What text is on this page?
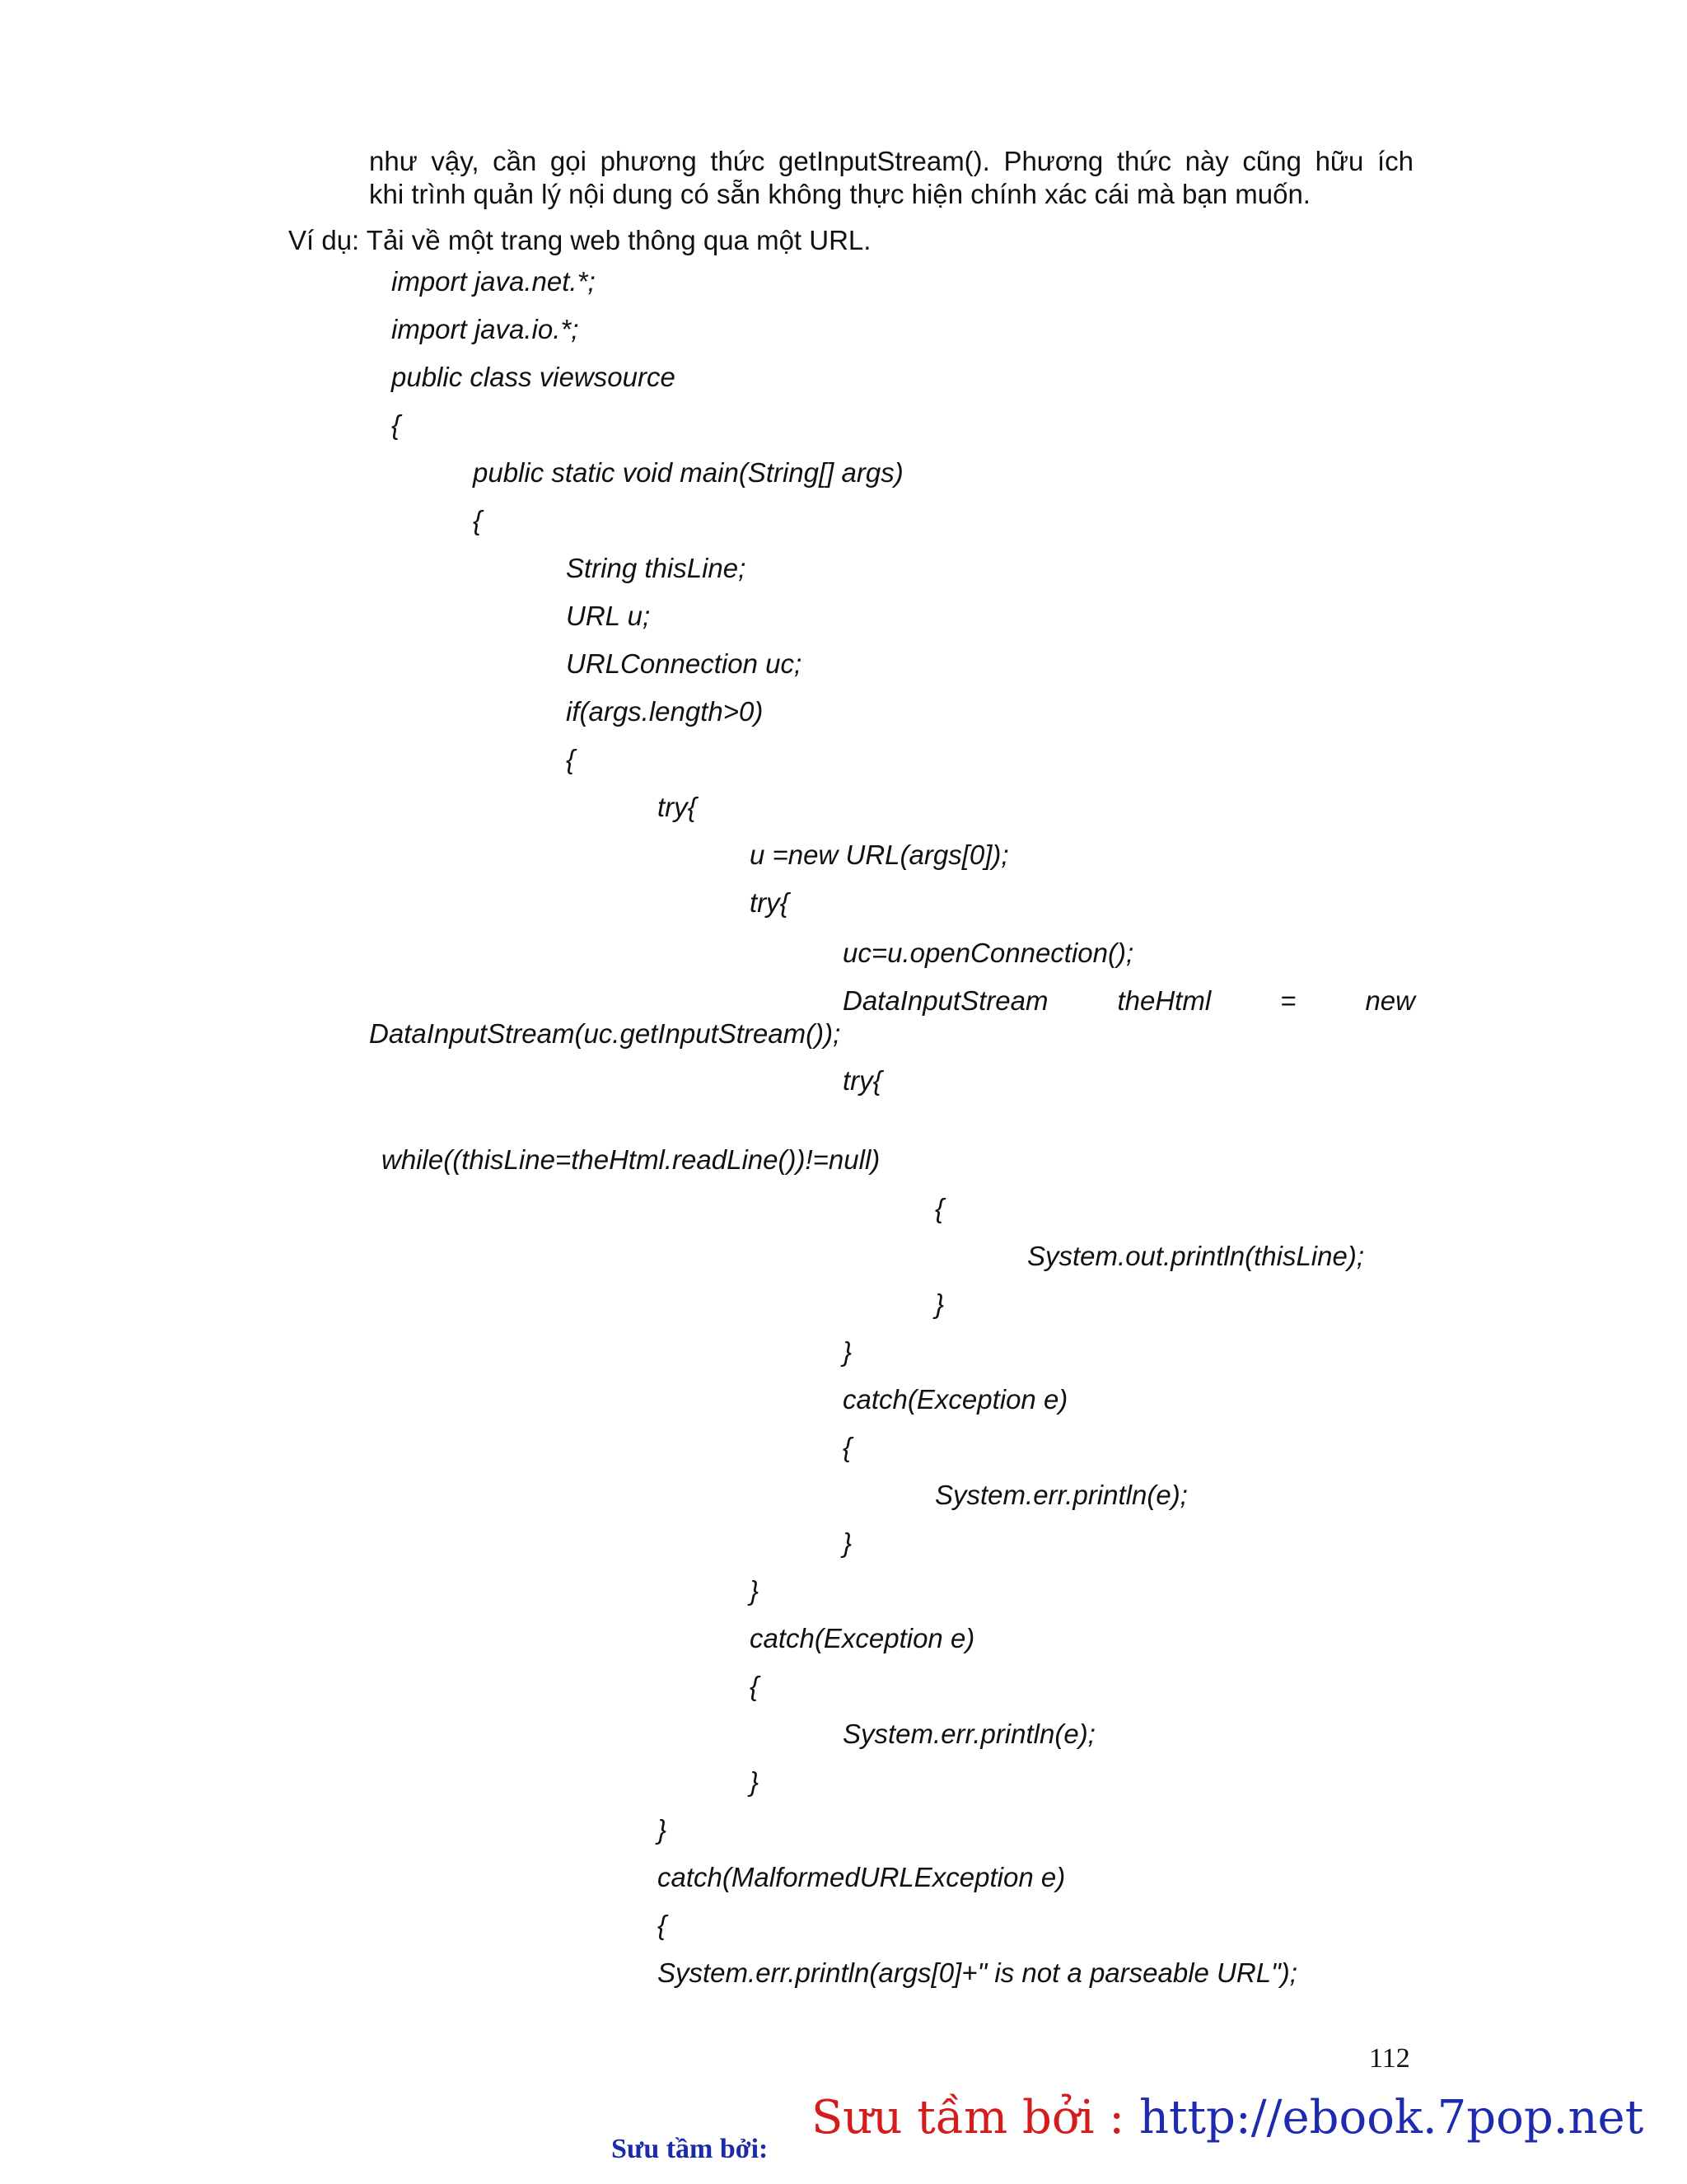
như vậy, cần gọi phương thức getInputStream(). Phương thức này cũng hữu ích
khi trình quản lý nội dung có sẵn không thực hiện chính xác cái mà bạn muốn.
Ví dụ: Tải về một trang web thông qua một URL.
import java.net.*;
import java.io.*;
public class viewsource
{
public static void main(String[] args)
{
String thisLine;
URL u;
URLConnection uc;
if(args.length>0)
{
try{
u =new URL(args[0]);
try{
uc=u.openConnection();
DataInputStream	theHtml	=	new
DataInputStream(uc.getInputStream());
try{
while((thisLine=theHtml.readLine())!=null)
{
System.out.println(thisLine);
}
}
catch(Exception e)
{
System.err.println(e);
}
}
catch(Exception e)
{
System.err.println(e);
}
}
catch(MalformedURLException e)
{
System.err.println(args[0]+" is not a parseable URL");
112
Sưu tầm bởi : http://ebook.7pop.net
Sưu tầm bởi:
